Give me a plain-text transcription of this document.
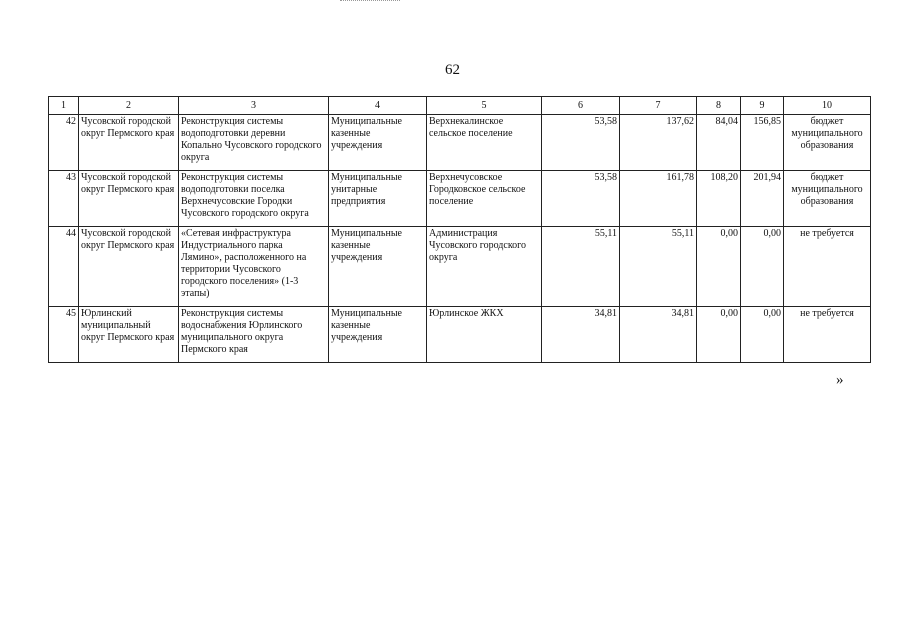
62
1	2	3	4	5	6	7	8	9	10
42	Чусовской городской округ Пермского края	Реконструкция системы водоподготовки деревни Копально Чусовского городского округа	Муниципальные казенные учреждения	Верхнекалинское сельское поселение	53,58	137,62	84,04	156,85	бюджет муниципального образования
43	Чусовской городской округ Пермского края	Реконструкция системы водоподготовки поселка Верхнечусовские Городки Чусовского городского округа	Муниципальные унитарные предприятия	Верхнечусовское Городковское сельское поселение	53,58	161,78	108,20	201,94	бюджет муниципального образования
44	Чусовской городской округ Пермского края	«Сетевая инфраструктура Индустриального парка Лямино», расположенного на территории Чусовского городского поселения» (1-3 этапы)	Муниципальные казенные учреждения	Администрация Чусовского городского округа	55,11	55,11	0,00	0,00	не требуется
45	Юрлинский муниципальный округ Пермского края	Реконструкция системы водоснабжения Юрлинского муниципального округа Пермского края	Муниципальные казенные учреждения	Юрлинское ЖКХ	34,81	34,81	0,00	0,00	не требуется
»
